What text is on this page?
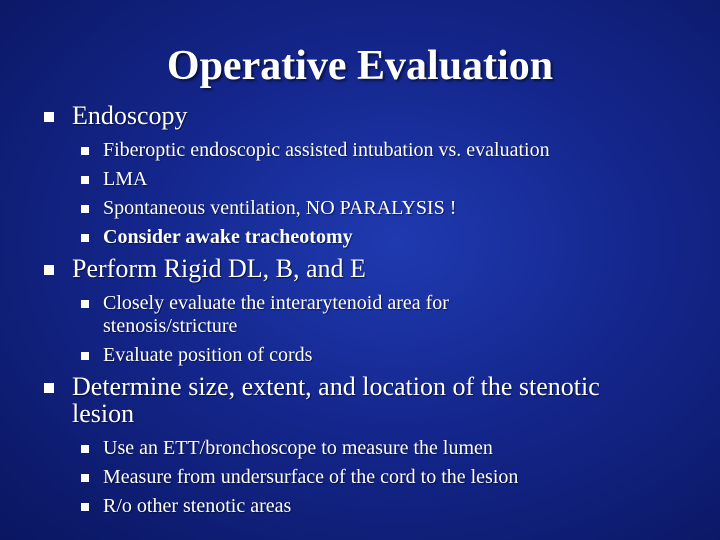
Operative Evaluation
Endoscopy
Fiberoptic endoscopic assisted intubation vs. evaluation
LMA
Spontaneous ventilation, NO PARALYSIS !
Consider awake tracheotomy
Perform Rigid DL, B, and E
Closely evaluate the interarytenoid area for stenosis/stricture
Evaluate position of cords
Determine size, extent, and location of the stenotic lesion
Use an ETT/bronchoscope to measure the lumen
Measure from undersurface of the cord to the lesion
R/o other stenotic areas
